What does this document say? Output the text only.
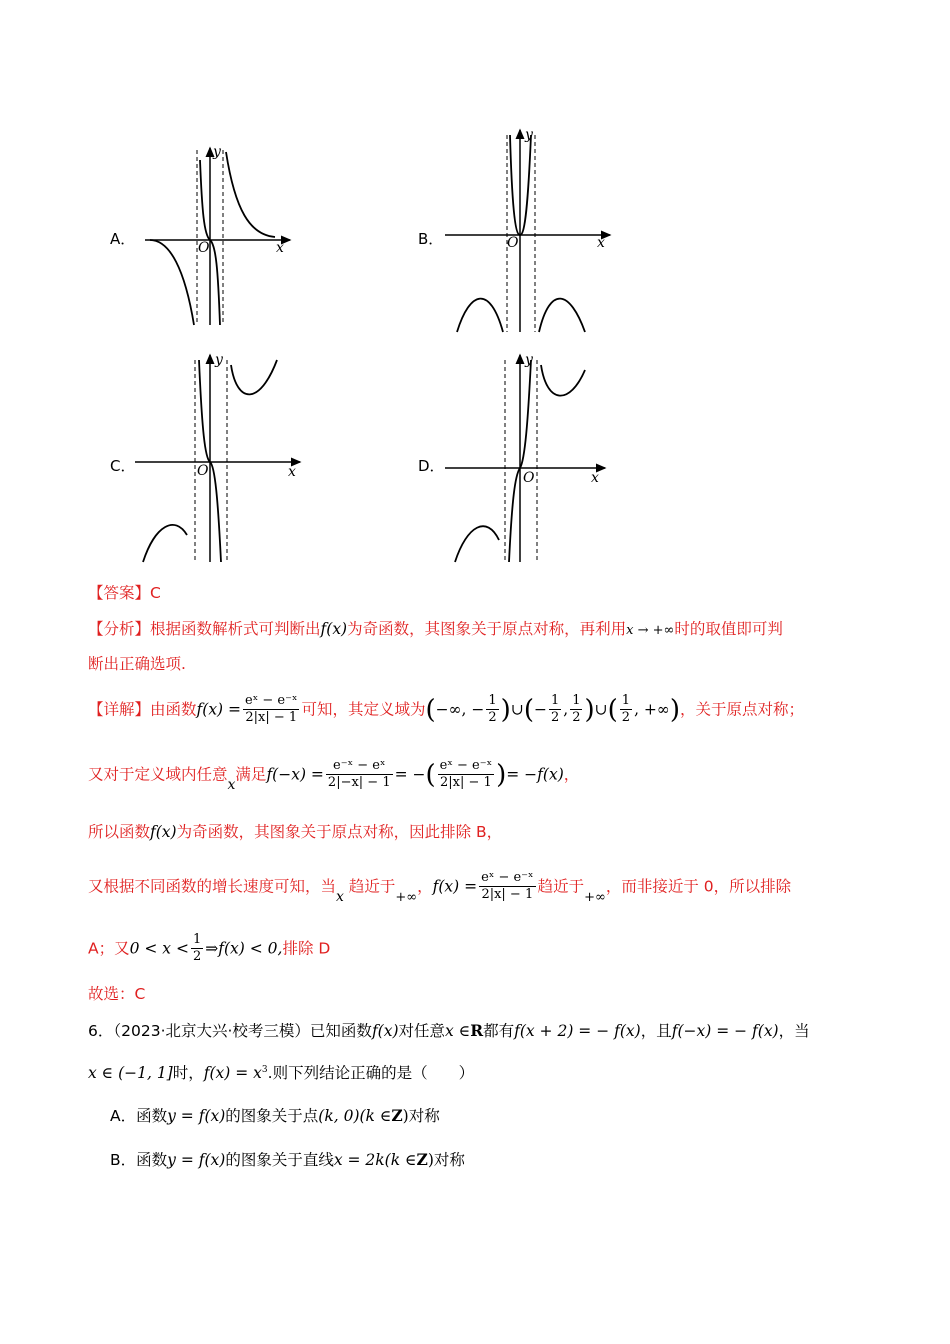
A．
y
O	x	B．
y
O	x
C．
y
O	x	D．
y
O	x
【答案】C
【分析】根据函数解析式可判断出f(x)为奇函数，其图象关于原点对称，再利用x → +∞时的取值即可判
断出正确选项.
【详解】由函数$f(x) = \frac{\text{eˣ − e⁻ˣ}}{2|x| - 1}$ 可知，其定义域为(−∞, − $\frac{1}{2}$ )∪(− $\frac{1}{2}$ , $\frac{1}{2}$ )∪( $\frac{1}{2}$ , +∞)，关于原点对称；
又对于定义域内任意x满足$f(-x) = \frac{\text{e⁻ˣ − eˣ}}{2|-x| - 1}$ = −( $\frac{\text{eˣ − e⁻ˣ}}{2|x| - 1}$ )= −f(x)，
所以函数f(x)为奇函数，其图象关于原点对称，因此排除 B，
又根据不同函数的增长速度可知，当x 趋近于+∞，$f(x) = \frac{\text{eˣ − e⁻ˣ}}{2|x| - 1}$ 趋近于+∞，而非接近于 0，所以排除
A；又$0 < x < \frac{1}{2}$ ⇒f(x) < 0,排除 D
故选：C
6．（2023·北京大兴·校考三模）已知函数f(x)对任意x ∈R都有f(x + 2) = − f(x)，且f(−x) = − f(x)，当
x ∈ (−1, 1]时，$f(x) = x^3$.则下列结论正确的是（　　）
A．函数y = f(x)的图象关于点(k, 0)(k ∈Z)对称
B．函数y = f(x)的图象关于直线x = 2k(k ∈Z)对称
